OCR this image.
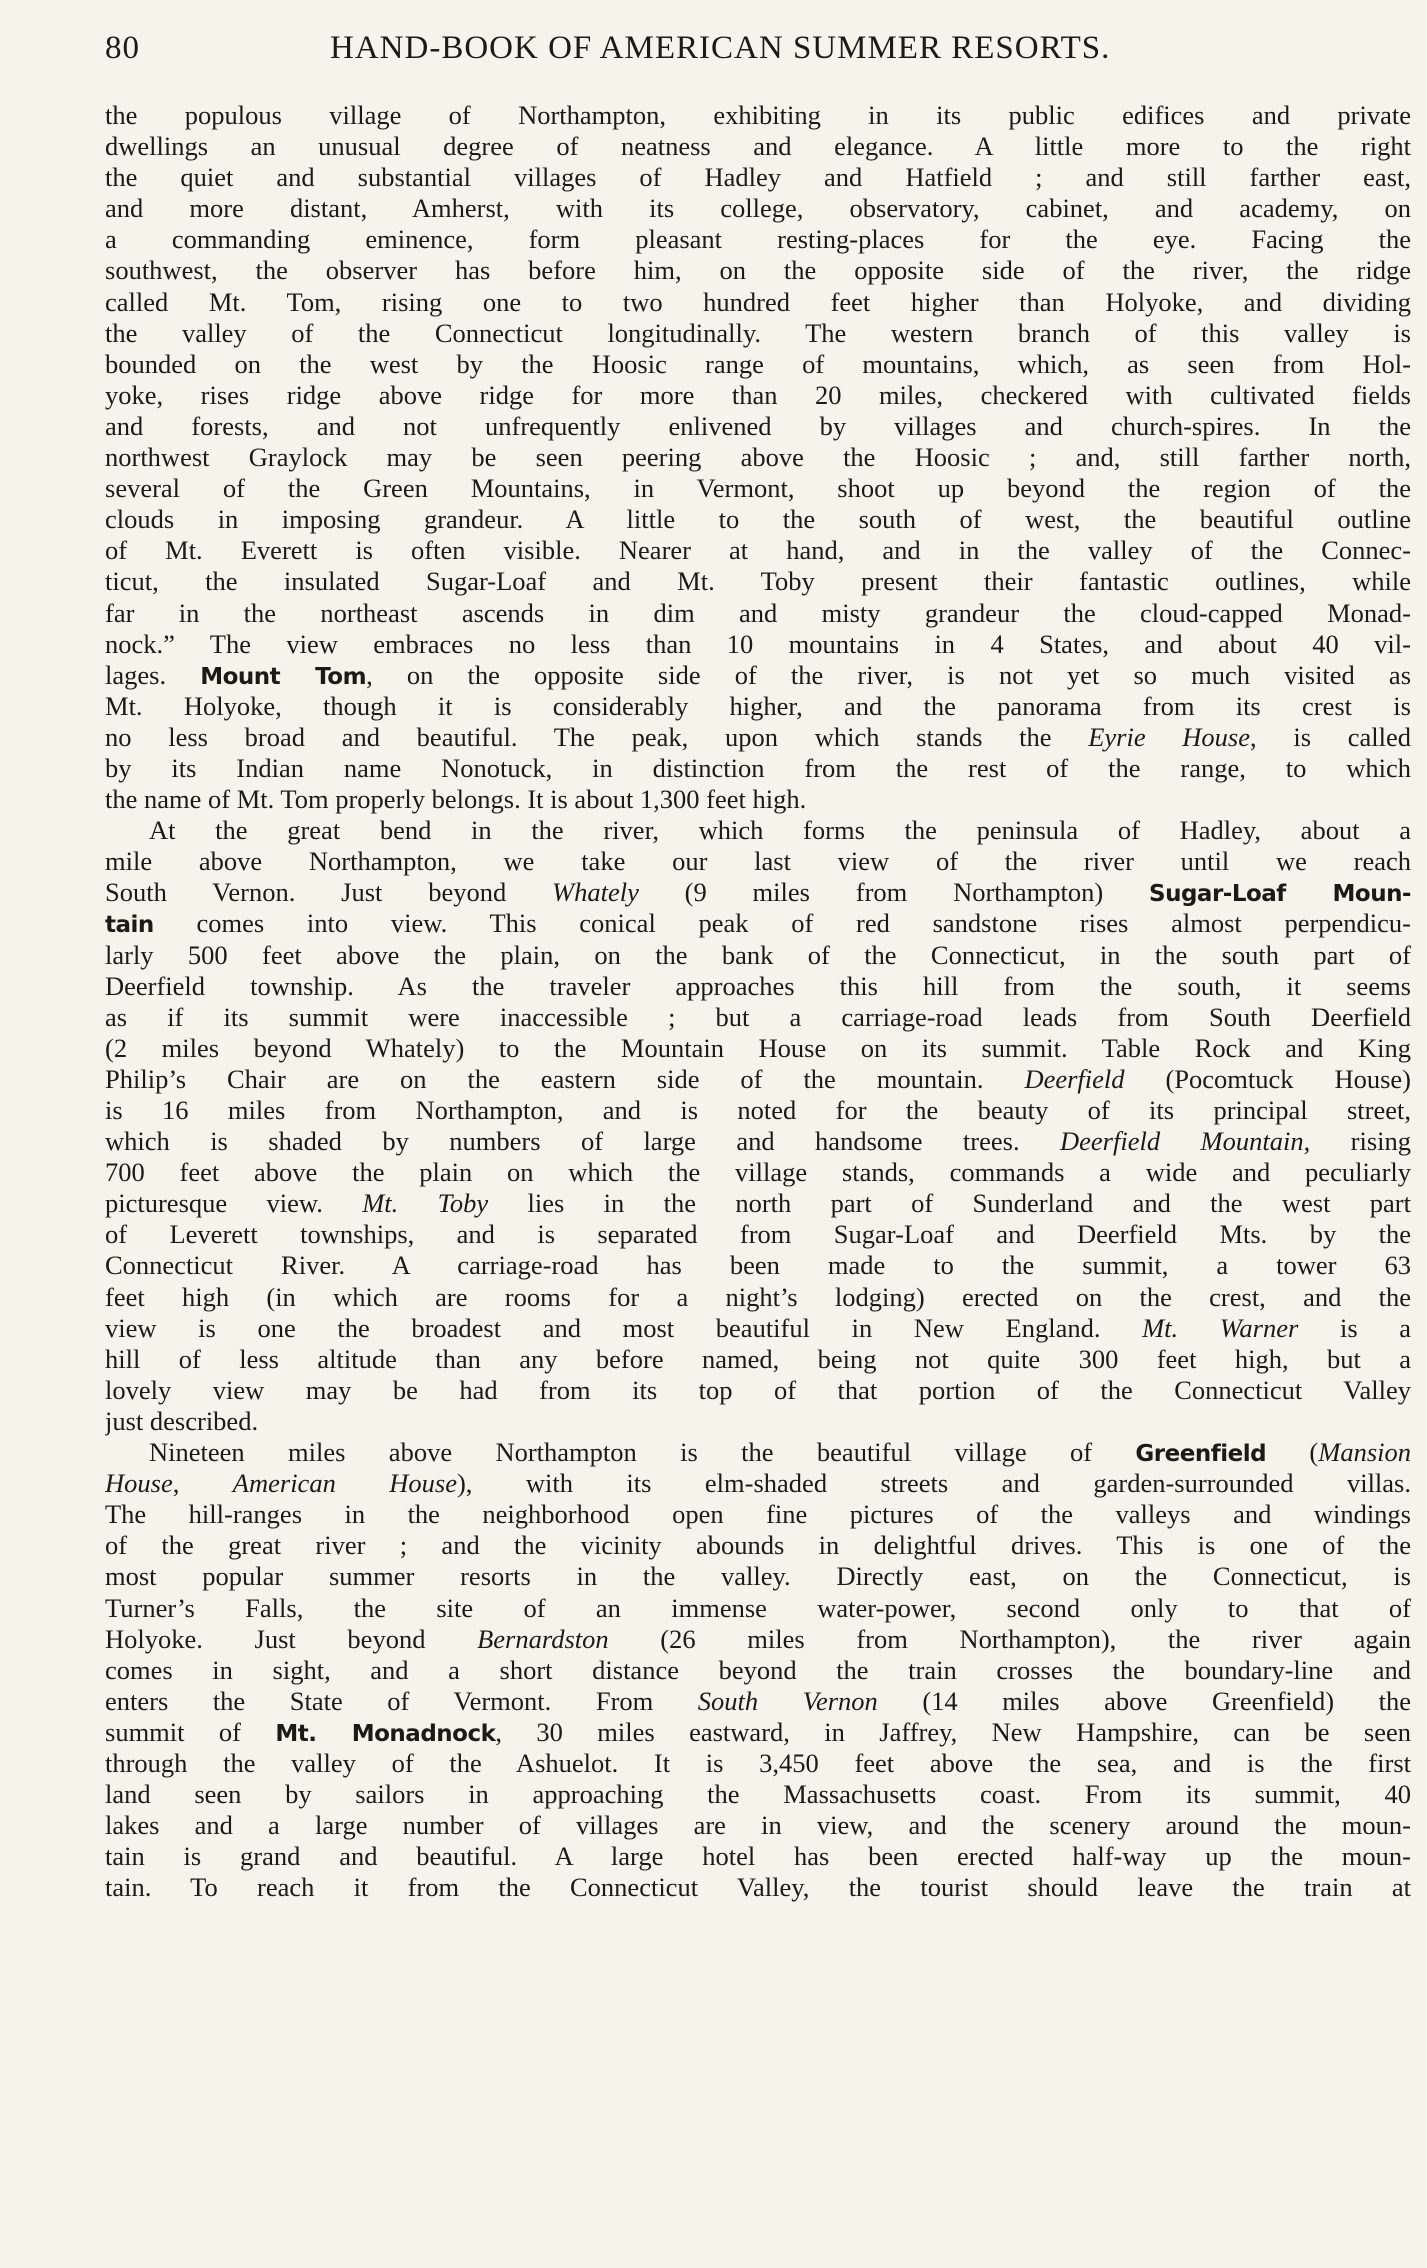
80	HAND-BOOK OF AMERICAN SUMMER RESORTS.
the populous village of Northampton, exhibiting in its public edifices and private
dwellings an unusual degree of neatness and elegance. A little more to the right
the quiet and substantial villages of Hadley and Hatfield ; and still farther east,
and more distant, Amherst, with its college, observatory, cabinet, and academy, on
a commanding eminence, form pleasant resting-places for the eye. Facing the
southwest, the observer has before him, on the opposite side of the river, the ridge
called Mt. Tom, rising one to two hundred feet higher than Holyoke, and dividing
the valley of the Connecticut longitudinally. The western branch of this valley is
bounded on the west by the Hoosic range of mountains, which, as seen from Hol-
yoke, rises ridge above ridge for more than 20 miles, checkered with cultivated fields
and forests, and not unfrequently enlivened by villages and church-spires. In the
northwest Graylock may be seen peering above the Hoosic ; and, still farther north,
several of the Green Mountains, in Vermont, shoot up beyond the region of the
clouds in imposing grandeur. A little to the south of west, the beautiful outline
of Mt. Everett is often visible. Nearer at hand, and in the valley of the Connec-
ticut, the insulated Sugar-Loaf and Mt. Toby present their fantastic outlines, while
far in the northeast ascends in dim and misty grandeur the cloud-capped Monad-
nock.” The view embraces no less than 10 mountains in 4 States, and about 40 vil-
lages. Mount Tom, on the opposite side of the river, is not yet so much visited as
Mt. Holyoke, though it is considerably higher, and the panorama from its crest is
no less broad and beautiful. The peak, upon which stands the Eyrie House, is called
by its Indian name Nonotuck, in distinction from the rest of the range, to which
the name of Mt. Tom properly belongs. It is about 1,300 feet high.
At the great bend in the river, which forms the peninsula of Hadley, about a
mile above Northampton, we take our last view of the river until we reach
South Vernon. Just beyond Whately (9 miles from Northampton) Sugar-Loaf Moun-
tain comes into view. This conical peak of red sandstone rises almost perpendicu-
larly 500 feet above the plain, on the bank of the Connecticut, in the south part of
Deerfield township. As the traveler approaches this hill from the south, it seems
as if its summit were inaccessible ; but a carriage-road leads from South Deerfield
(2 miles beyond Whately) to the Mountain House on its summit. Table Rock and King
Philip’s Chair are on the eastern side of the mountain. Deerfield (Pocomtuck House)
is 16 miles from Northampton, and is noted for the beauty of its principal street,
which is shaded by numbers of large and handsome trees. Deerfield Mountain, rising
700 feet above the plain on which the village stands, commands a wide and peculiarly
picturesque view. Mt. Toby lies in the north part of Sunderland and the west part
of Leverett townships, and is separated from Sugar-Loaf and Deerfield Mts. by the
Connecticut River. A carriage-road has been made to the summit, a tower 63
feet high (in which are rooms for a night’s lodging) erected on the crest, and the
view is one the broadest and most beautiful in New England. Mt. Warner is a
hill of less altitude than any before named, being not quite 300 feet high, but a
lovely view may be had from its top of that portion of the Connecticut Valley
just described.
Nineteen miles above Northampton is the beautiful village of Greenfield (Mansion
House, American House), with its elm-shaded streets and garden-surrounded villas.
The hill-ranges in the neighborhood open fine pictures of the valleys and windings
of the great river ; and the vicinity abounds in delightful drives. This is one of the
most popular summer resorts in the valley. Directly east, on the Connecticut, is
Turner’s Falls, the site of an immense water-power, second only to that of
Holyoke. Just beyond Bernardston (26 miles from Northampton), the river again
comes in sight, and a short distance beyond the train crosses the boundary-line and
enters the State of Vermont. From South Vernon (14 miles above Greenfield) the
summit of Mt. Monadnock, 30 miles eastward, in Jaffrey, New Hampshire, can be seen
through the valley of the Ashuelot. It is 3,450 feet above the sea, and is the first
land seen by sailors in approaching the Massachusetts coast. From its summit, 40
lakes and a large number of villages are in view, and the scenery around the moun-
tain is grand and beautiful. A large hotel has been erected half-way up the moun-
tain. To reach it from the Connecticut Valley, the tourist should leave the train at
